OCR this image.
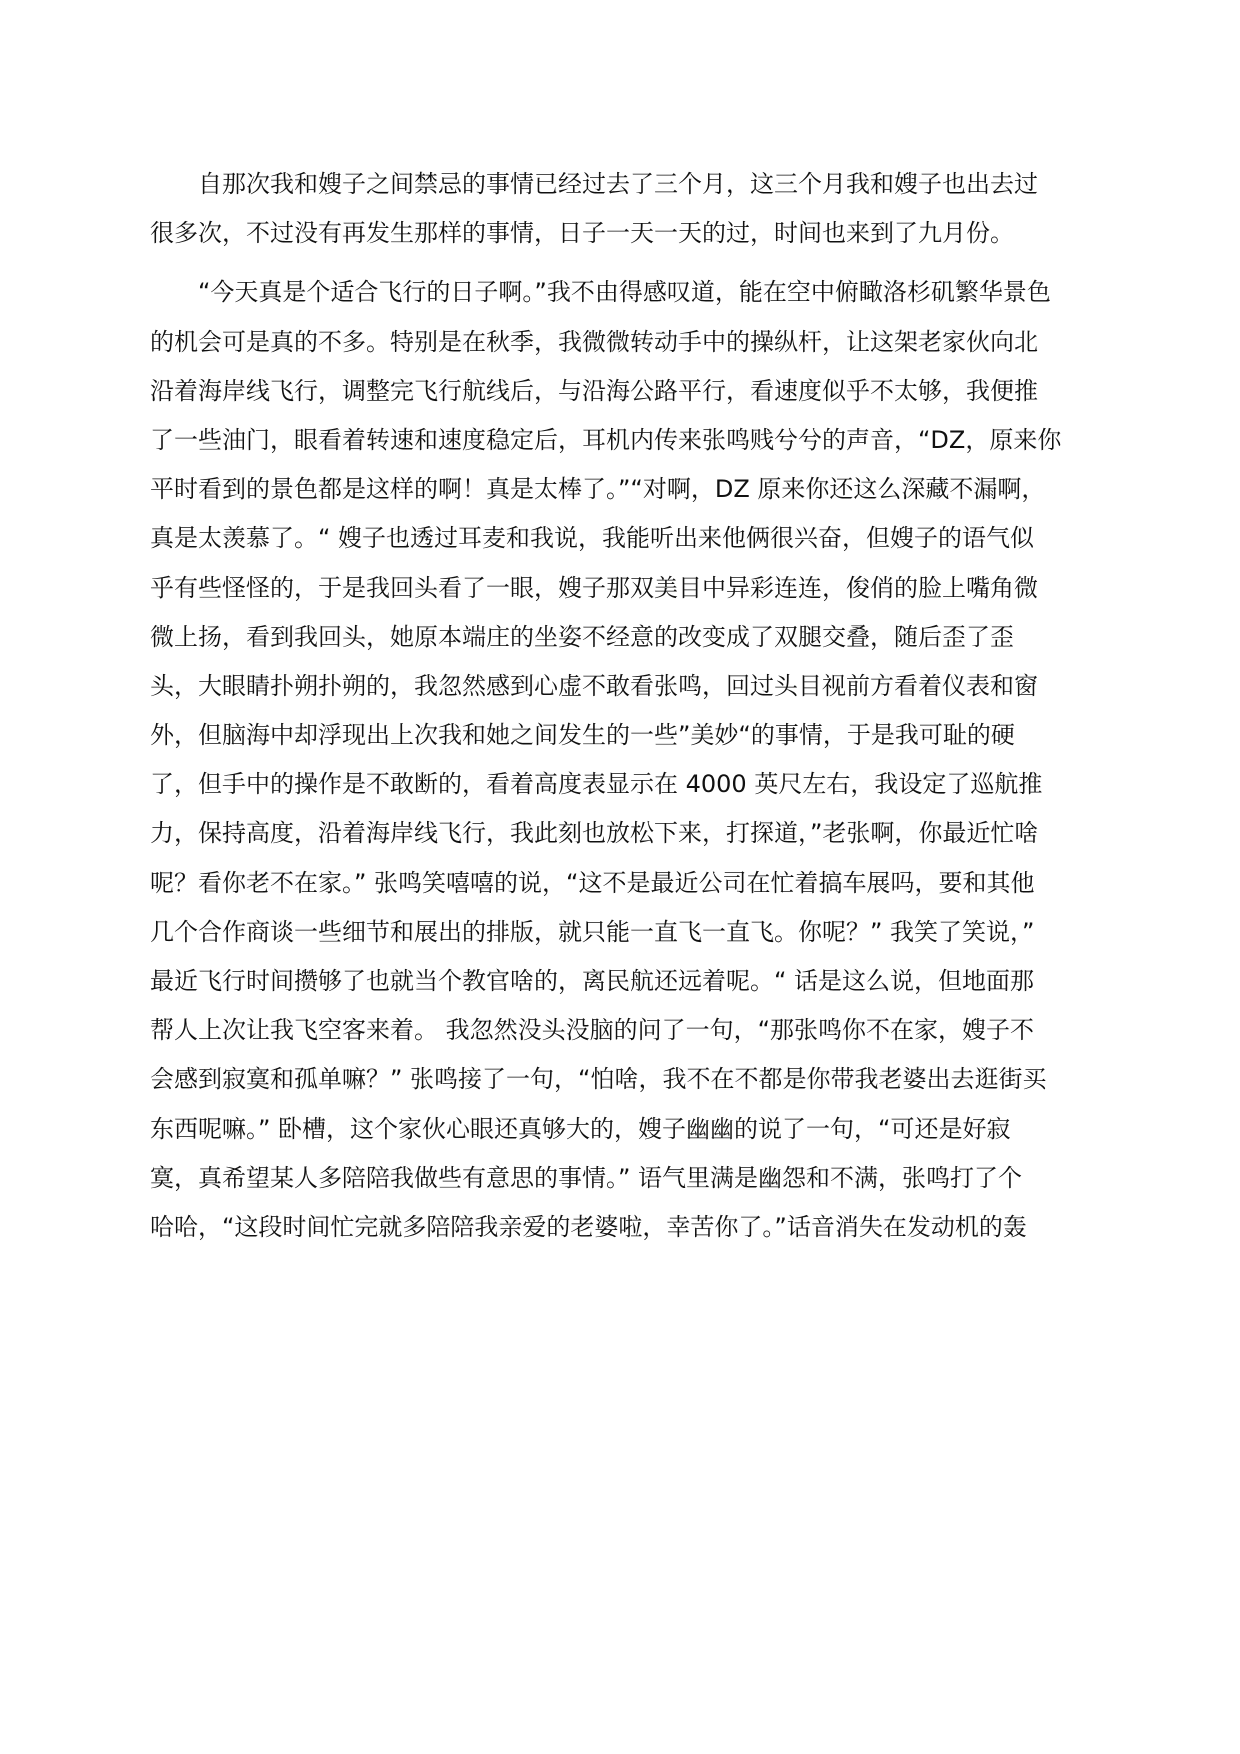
自那次我和嫂子之间禁忌的事情已经过去了三个月，这三个月我和嫂子也出去过
很多次，不过没有再发生那样的事情，日子一天一天的过，时间也来到了九月份。
“今天真是个适合飞行的日子啊。”我不由得感叹道，能在空中俯瞰洛杉矶繁华景色
的机会可是真的不多。特别是在秋季，我微微转动手中的操纵杆，让这架老家伙向北
沿着海岸线飞行，调整完飞行航线后，与沿海公路平行，看速度似乎不太够，我便推
了一些油门，眼看着转速和速度稳定后，耳机内传来张鸣贱兮兮的声音，“DZ，原来你
平时看到的景色都是这样的啊！真是太棒了。”“对啊，DZ 原来你还这么深藏不漏啊，
真是太羡慕了。“ 嫂子也透过耳麦和我说，我能听出来他俩很兴奋，但嫂子的语气似
乎有些怪怪的，于是我回头看了一眼，嫂子那双美目中异彩连连，俊俏的脸上嘴角微
微上扬，看到我回头，她原本端庄的坐姿不经意的改变成了双腿交叠，随后歪了歪
头，大眼睛扑朔扑朔的，我忽然感到心虚不敢看张鸣，回过头目视前方看着仪表和窗
外，但脑海中却浮现出上次我和她之间发生的一些”美妙“的事情，于是我可耻的硬
了，但手中的操作是不敢断的，看着高度表显示在 4000 英尺左右，我设定了巡航推
力，保持高度，沿着海岸线飞行，我此刻也放松下来，打探道，”老张啊，你最近忙啥
呢？看你老不在家。” 张鸣笑嘻嘻的说，“这不是最近公司在忙着搞车展吗，要和其他
几个合作商谈一些细节和展出的排版，就只能一直飞一直飞。你呢？” 我笑了笑说，”
最近飞行时间攒够了也就当个教官啥的，离民航还远着呢。“ 话是这么说，但地面那
帮人上次让我飞空客来着。 我忽然没头没脑的问了一句，“那张鸣你不在家，嫂子不
会感到寂寞和孤单嘛？” 张鸣接了一句，“怕啥，我不在不都是你带我老婆出去逛街买
东西呢嘛。” 卧槽，这个家伙心眼还真够大的，嫂子幽幽的说了一句，“可还是好寂
寞，真希望某人多陪陪我做些有意思的事情。” 语气里满是幽怨和不满，张鸣打了个
哈哈，“这段时间忙完就多陪陪我亲爱的老婆啦，幸苦你了。”话音消失在发动机的轰
